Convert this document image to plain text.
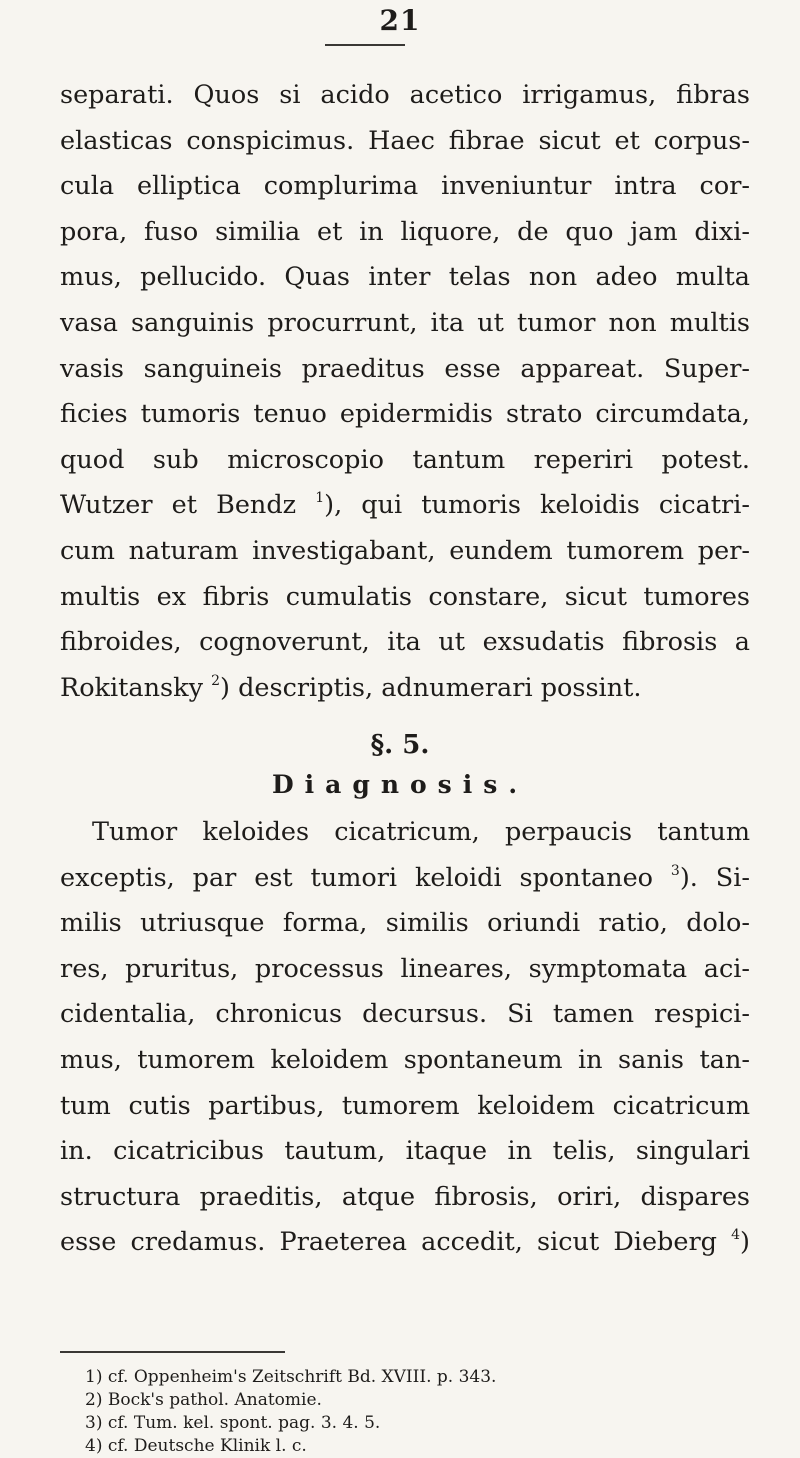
21
separati. Quos si acido acetico irrigamus, fibras
elasticas conspicimus. Haec fibrae sicut et corpus-
cula elliptica complurima inveniuntur intra cor-
pora, fuso similia et in liquore, de quo jam dixi-
mus, pellucido. Quas inter telas non adeo multa
vasa sanguinis procurrunt, ita ut tumor non multis
vasis sanguineis praeditus esse appareat. Super-
ficies tumoris tenuo epidermidis strato circumdata,
quod sub microscopio tantum reperiri potest.
Wutzer et Bendz $^1$), qui tumoris keloidis cicatri-
cum naturam investigabant, eundem tumorem per-
multis ex fibris cumulatis constare, sicut tumores
fibroides, cognoverunt, ita ut exsudatis fibrosis a
Rokitansky $^2$) descriptis, adnumerari possint.
§. 5.
Diagnosis.
Tumor keloides cicatricum, perpaucis tantum
exceptis, par est tumori keloidi spontaneo $^3$). Si-
milis utriusque forma, similis oriundi ratio, dolo-
res, pruritus, processus lineares, symptomata aci-
cidentalia, chronicus decursus. Si tamen respici-
mus, tumorem keloidem spontaneum in sanis tan-
tum cutis partibus, tumorem keloidem cicatricum
in. cicatricibus tautum, itaque in telis, singulari
structura praeditis, atque fibrosis, oriri, dispares
esse credamus. Praeterea accedit, sicut Dieberg $^4$)
1) cf. Oppenheim's Zeitschrift Bd. XVIII. p. 343.
2) Bock's pathol. Anatomie.
3) cf. Tum. kel. spont. pag. 3. 4. 5.
4) cf. Deutsche Klinik l. c.
